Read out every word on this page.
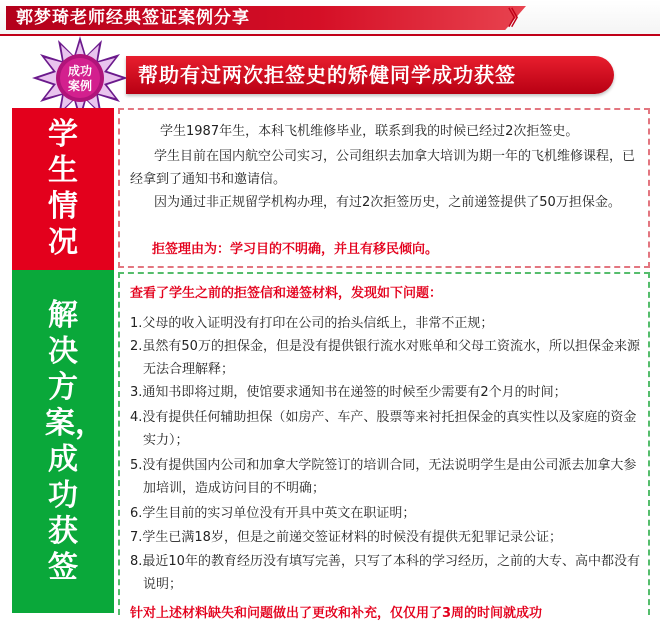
郭梦琦老师经典签证案例分享	》
成功
案例 帮助有过两次拒签史的矫健同学成功获签
学生情况
学生1987年生，本科飞机维修毕业，联系到我的时候已经过2次拒签史。
学生目前在国内航空公司实习，公司组织去加拿大培训为期一年的飞机维修课程，已经拿到了通知书和邀请信。
因为通过非正规留学机构办理，有过2次拒签历史，之前递签提供了50万担保金。
拒签理由为：学习目的不明确，并且有移民倾向。
解决方案，成功获签
查看了学生之前的拒签信和递签材料，发现如下问题：
1.父母的收入证明没有打印在公司的抬头信纸上，非常不正规；
2.虽然有50万的担保金，但是没有提供银行流水对账单和父母工资流水，所以担保金来源无法合理解释；
3.通知书即将过期，使馆要求通知书在递签的时候至少需要有2个月的时间；
4.没有提供任何辅助担保（如房产、车产、股票等来衬托担保金的真实性以及家庭的资金实力）；
5.没有提供国内公司和加拿大学院签订的培训合同，无法说明学生是由公司派去加拿大参加培训，造成访问目的不明确；
6.学生目前的实习单位没有开具中英文在职证明；
7.学生已满18岁，但是之前递交签证材料的时候没有提供无犯罪记录公证；
8.最近10年的教育经历没有填写完善，只写了本科的学习经历，之前的大专、高中都没有说明；
针对上述材料缺失和问题做出了更改和补充，仅仅用了3周的时间就成功
